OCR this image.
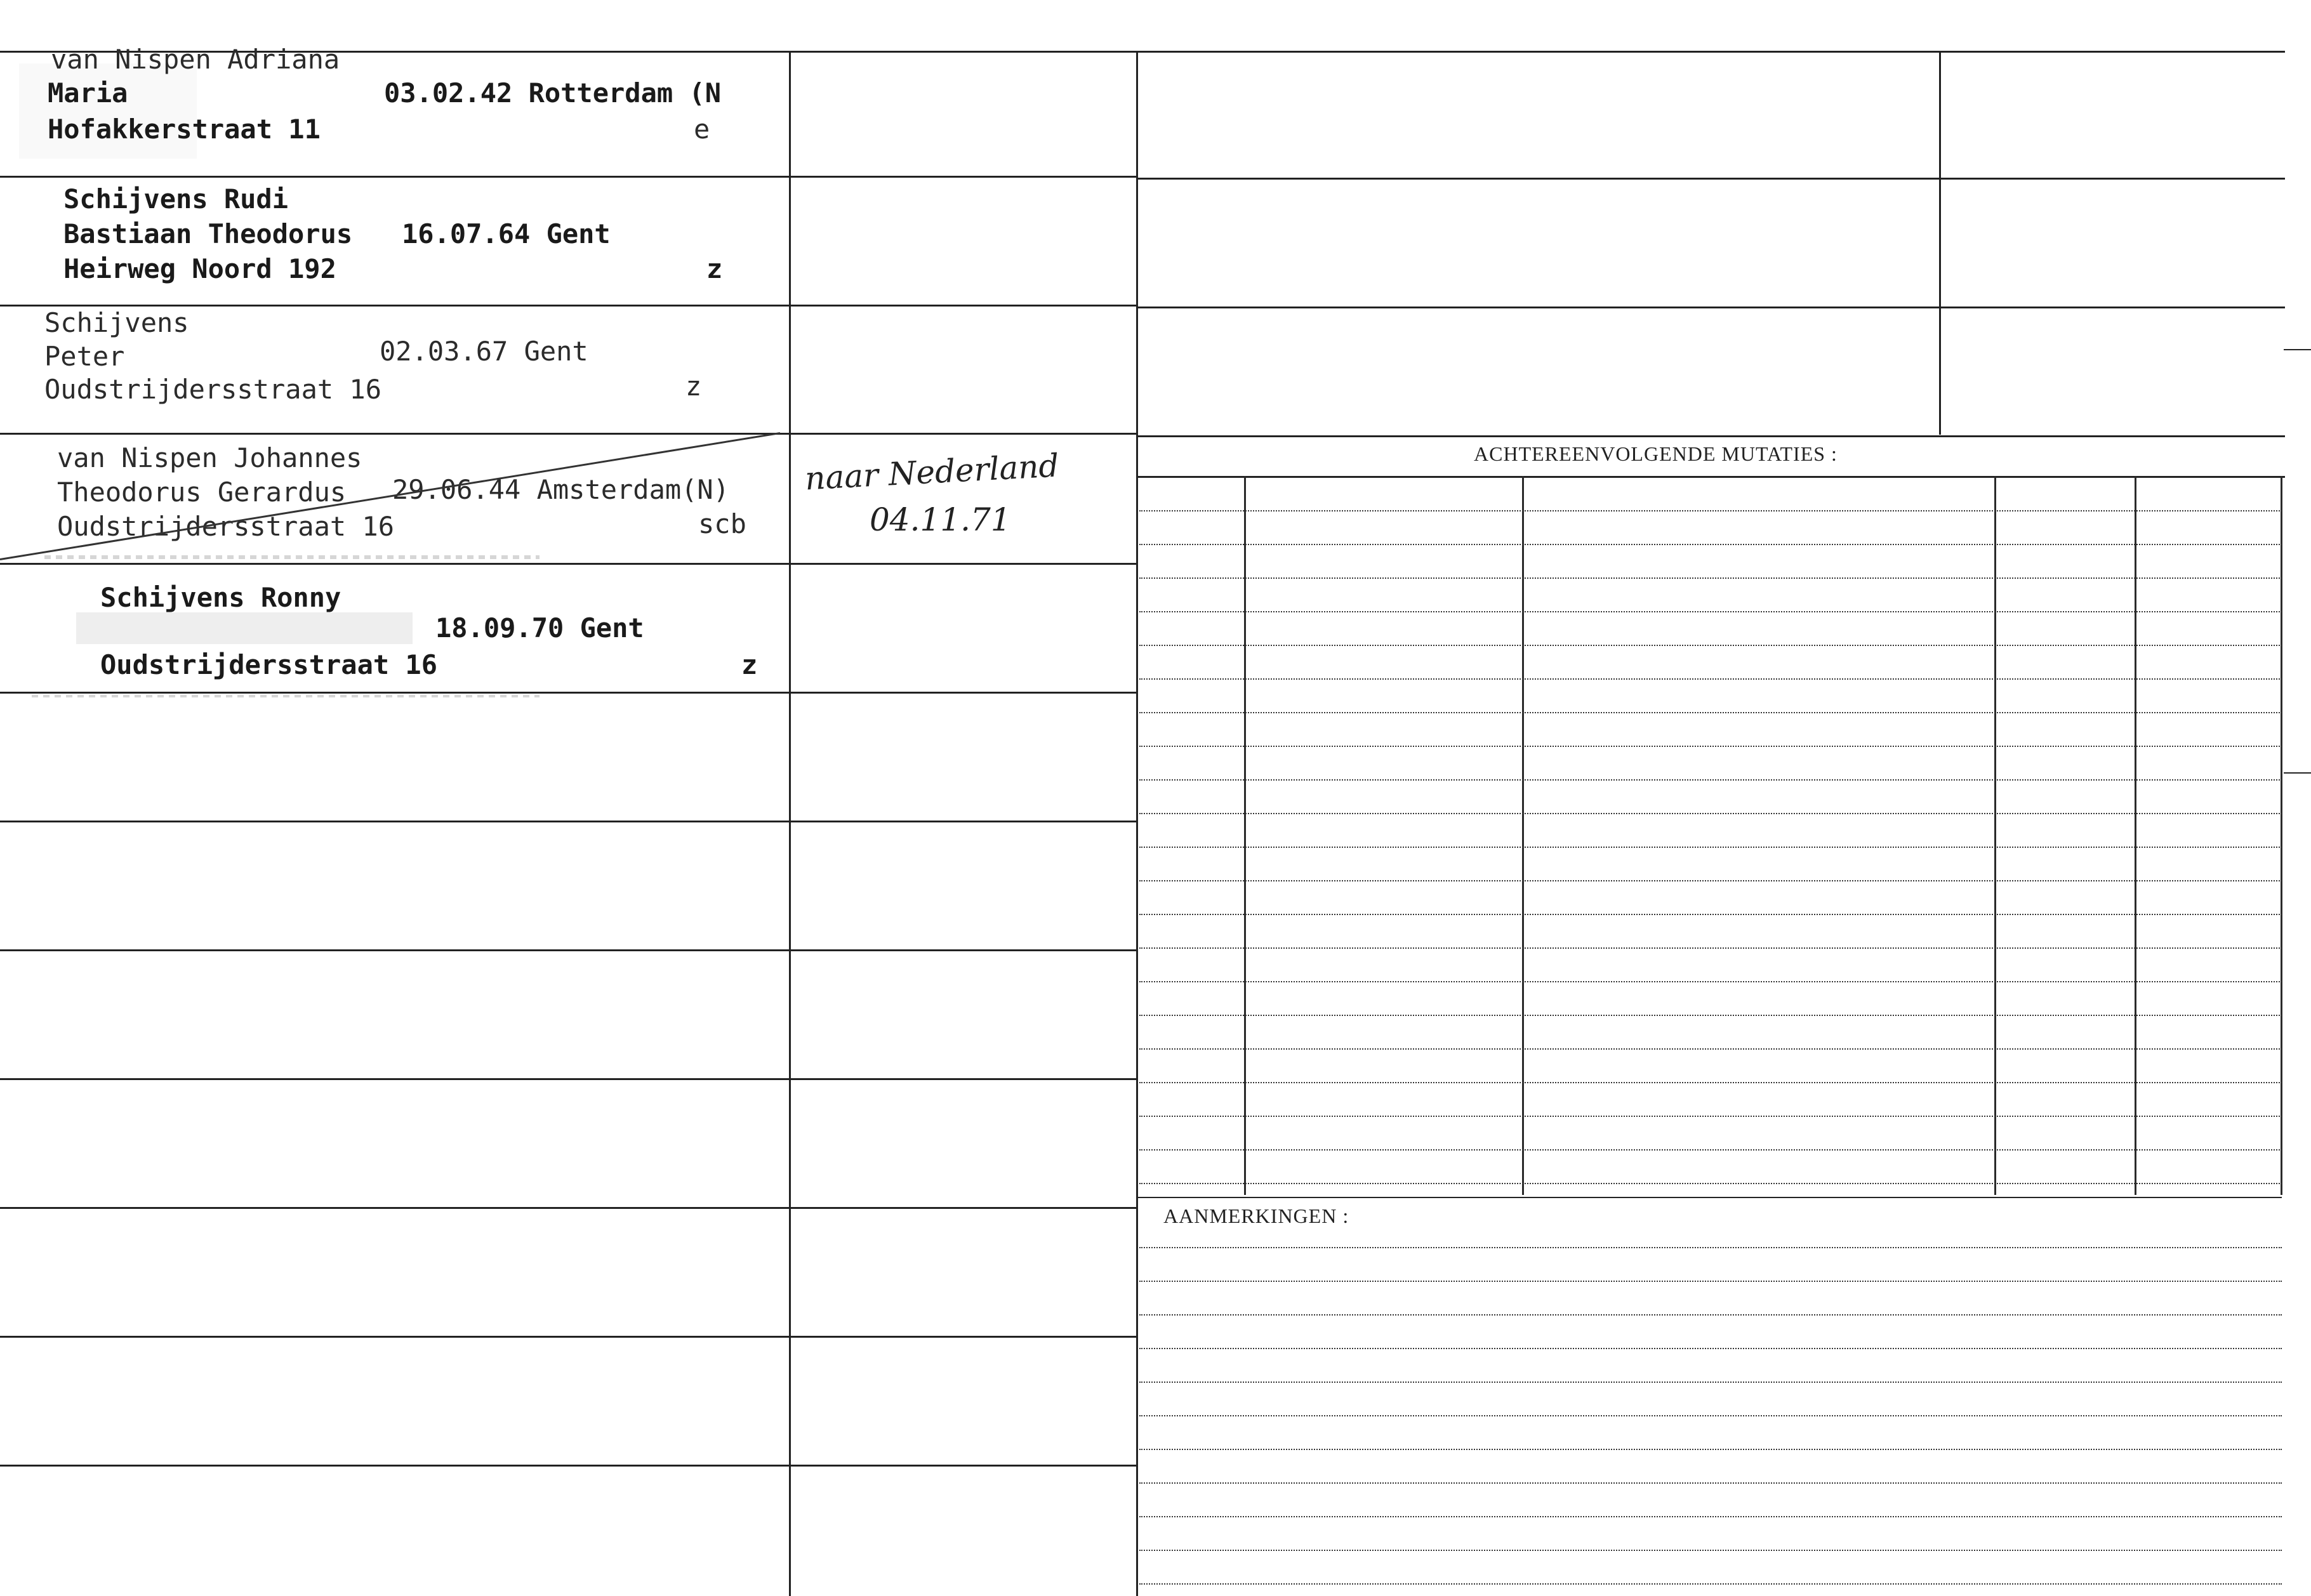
van Nispen Adriana
Maria	03.02.42 Rotterdam (N
Hofakkerstraat 11	e
Schijvens Rudi
Bastiaan Theodorus 16.07.64 Gent
Heirweg Noord 192	z
Schijvens
Peter	02.03.67 Gent
Oudstrijdersstraat 16	z
van Nispen Johannes
Theodorus Gerardus 29.06.44 Amsterdam(N)
Oudstrijdersstraat 16	scb
naar Nederland
04.11.71
Schijvens Ronny
18.09.70 Gent
Oudstrijdersstraat 16	z
ACHTEREENVOLGENDE MUTATIES :
AANMERKINGEN :
